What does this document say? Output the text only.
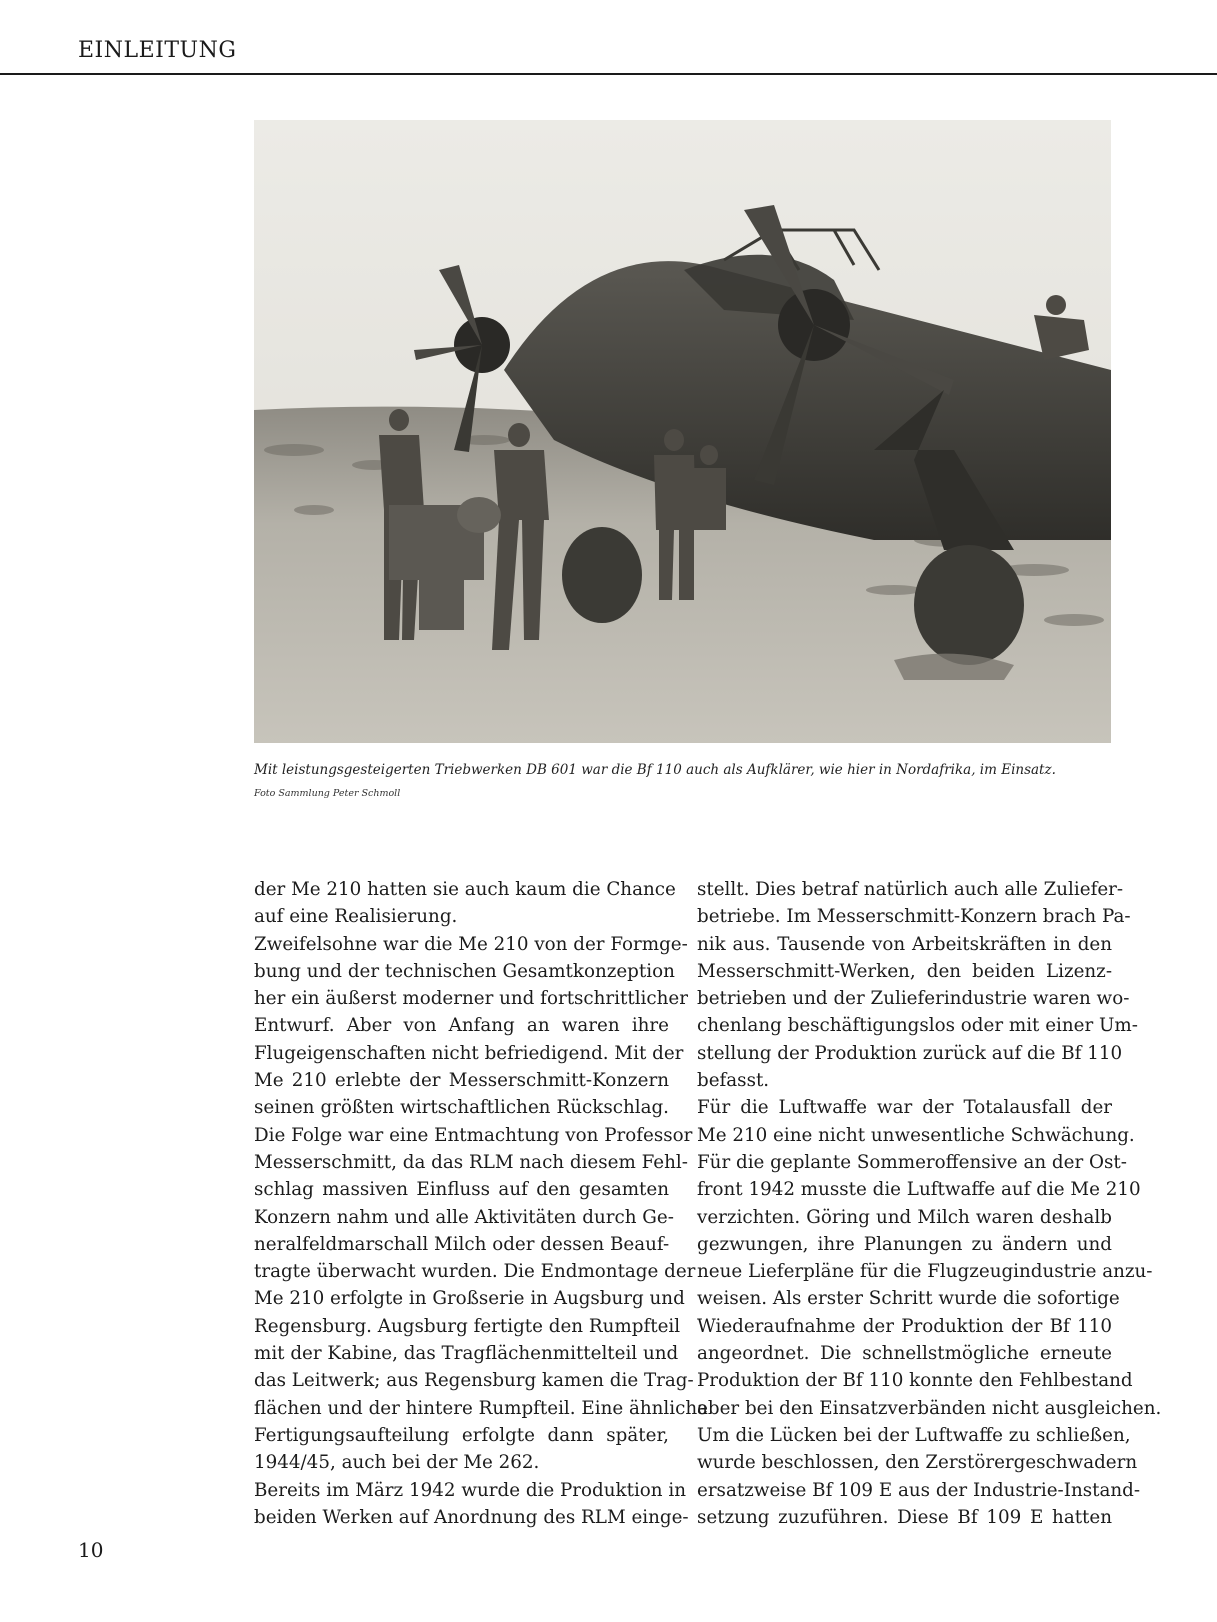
EINLEITUNG
Mit leistungsgesteigerten Triebwerken DB 601 war die Bf 110 auch als Aufklärer, wie hier in Nordafrika, im Einsatz.
Foto Sammlung Peter Schmoll
der Me 210 hatten sie auch kaum die Chance
auf eine Realisierung.
Zweifelsohne war die Me 210 von der Formge-
bung und der technischen Gesamtkonzeption
her ein äußerst moderner und fortschrittlicher
Entwurf. Aber von Anfang an waren ihre
Flugeigenschaften nicht befriedigend. Mit der
Me 210 erlebte der Messerschmitt-Konzern
seinen größten wirtschaftlichen Rückschlag.
Die Folge war eine Entmachtung von Professor
Messerschmitt, da das RLM nach diesem Fehl-
schlag massiven Einfluss auf den gesamten
Konzern nahm und alle Aktivitäten durch Ge-
neralfeldmarschall Milch oder dessen Beauf-
tragte überwacht wurden. Die Endmontage der
Me 210 erfolgte in Großserie in Augsburg und
Regensburg. Augsburg fertigte den Rumpfteil
mit der Kabine, das Tragflächenmittelteil und
das Leitwerk; aus Regensburg kamen die Trag-
flächen und der hintere Rumpfteil. Eine ähnliche
Fertigungsaufteilung erfolgte dann später,
1944/45, auch bei der Me 262.
Bereits im März 1942 wurde die Produktion in
beiden Werken auf Anordnung des RLM einge-
stellt. Dies betraf natürlich auch alle Zuliefer-
betriebe. Im Messerschmitt-Konzern brach Pa-
nik aus. Tausende von Arbeitskräften in den
Messerschmitt-Werken, den beiden Lizenz-
betrieben und der Zulieferindustrie waren wo-
chenlang beschäftigungslos oder mit einer Um-
stellung der Produktion zurück auf die Bf 110
befasst.
Für die Luftwaffe war der Totalausfall der
Me 210 eine nicht unwesentliche Schwächung.
Für die geplante Sommeroffensive an der Ost-
front 1942 musste die Luftwaffe auf die Me 210
verzichten. Göring und Milch waren deshalb
gezwungen, ihre Planungen zu ändern und
neue Lieferpläne für die Flugzeugindustrie anzu-
weisen. Als erster Schritt wurde die sofortige
Wiederaufnahme der Produktion der Bf 110
angeordnet. Die schnellstmögliche erneute
Produktion der Bf 110 konnte den Fehlbestand
aber bei den Einsatzverbänden nicht ausgleichen.
Um die Lücken bei der Luftwaffe zu schließen,
wurde beschlossen, den Zerstörergeschwadern
ersatzweise Bf 109 E aus der Industrie-Instand-
setzung zuzuführen. Diese Bf 109 E hatten
10
